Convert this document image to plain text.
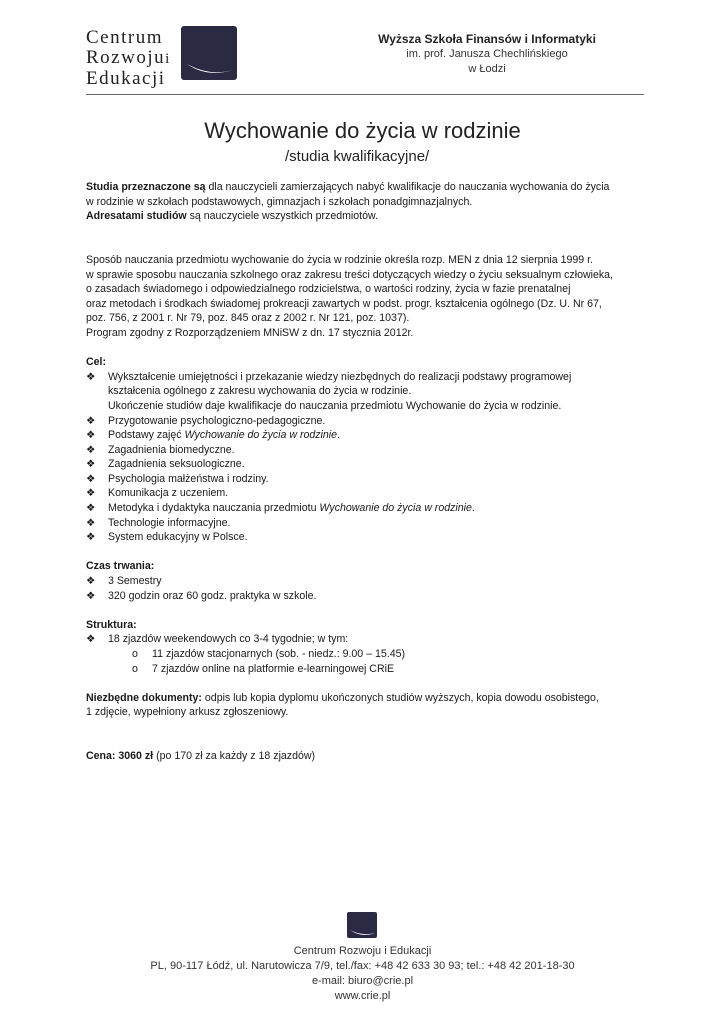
Centrum
Rozwojui
Edukacji
Wyższa Szkoła Finansów i Informatyki
im. prof. Janusza Chechlińskiego
w Łodzi
Wychowanie do życia w rodzinie
/studia kwalifikacyjne/

Studia przeznaczone są dla nauczycieli zamierzających nabyć kwalifikacje do nauczania wychowania do życia

w rodzinie w szkołach podstawowych, gimnazjach i szkołach ponadgimnazjalnych.

Adresatami studiów są nauczyciele wszystkich przedmiotów.

Sposób nauczania przedmiotu wychowanie do życia w rodzinie określa rozp. MEN z dnia 12 sierpnia 1999 r.

w sprawie sposobu nauczania szkolnego oraz zakresu treści dotyczących wiedzy o życiu seksualnym człowieka,

o zasadach świadomego i odpowiedzialnego rodzicielstwa, o wartości rodziny, życia w fazie prenatalnej

oraz metodach i środkach świadomej prokreacji zawartych w podst. progr. kształcenia ogólnego (Dz. U. Nr 67,

poz. 756, z 2001 r. Nr 79, poz. 845 oraz z 2002 r. Nr 121, poz. 1037).

Program zgodny z Rozporządzeniem MNiSW z dn. 17 stycznia 2012r.

Cel:

❖ Wykształcenie umiejętności i przekazanie wiedzy niezbędnych do realizacji podstawy programowej

kształcenia ogólnego z zakresu wychowania do życia w rodzinie.

Ukończenie studiów daje kwalifikacje do nauczania przedmiotu Wychowanie do życia w rodzinie.

❖ Przygotowanie psychologiczno-pedagogiczne.
❖ Podstawy zajęć Wychowanie do życia w rodzinie.
❖ Zagadnienia biomedyczne.
❖ Zagadnienia seksuologiczne.
❖ Psychologia małżeństwa i rodziny.
❖ Komunikacja z uczeniem.
❖ Metodyka i dydaktyka nauczania przedmiotu Wychowanie do życia w rodzinie.
❖ Technologie informacyjne.
❖ System edukacyjny w Polsce.

Czas trwania:

❖ 3 Semestry
❖ 320 godzin oraz 60 godz. praktyka w szkole.

Struktura:

❖ 18 zjazdów weekendowych co 3-4 tygodnie; w tym:
o 11 zjazdów stacjonarnych (sob. - niedz.: 9.00 – 15.45)
o 7 zjazdów online na platformie e-learningowej CRiE

Niezbędne dokumenty: odpis lub kopia dyplomu ukończonych studiów wyższych, kopia dowodu osobistego,

1 zdjęcie, wypełniony arkusz zgłoszeniowy.

Cena: 3060 zł (po 170 zł za każdy z 18 zjazdów)

Centrum Rozwoju i Edukacji
PL, 90-117 Łódź, ul. Narutowicza 7/9, tel./fax: +48 42 633 30 93; tel.: +48 42 201-18-30
e-mail: biuro@crie.pl
www.crie.pl
